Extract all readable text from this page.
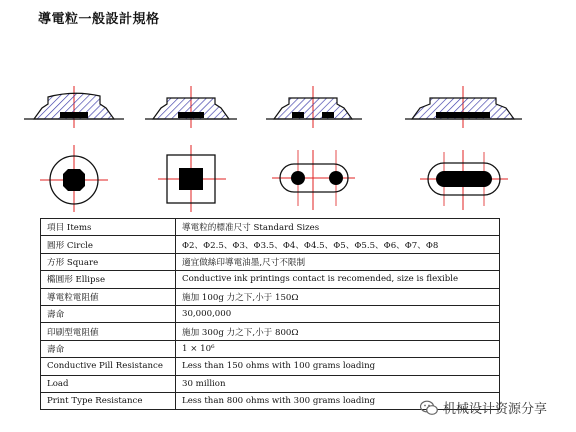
導電粒一般設計規格
項目 Items	導電粒的標准尺寸 Standard Sizes
圓形 Circle	Φ2、Φ2.5、Φ3、Φ3.5、Φ4、Φ4.5、Φ5、Φ5.5、Φ6、Φ7、Φ8
方形 Square	適宜做絲印導電油墨,尺寸不限制
橢圓形 Ellipse	Conductive ink printings contact is recomended, size is flexible
導電粒電阻値	施加 100g 力之下,小于 150Ω
壽命	30,000,000
印刷型電阻値	施加 300g 力之下,小于 800Ω
壽命	1 × 10⁶
Conductive Pill Resistance	Less than 150 ohms with 100 grams loading
Load	30 million
Print Type Resistance	Less than 800 ohms with 300 grams loading
机械设计资源分享
